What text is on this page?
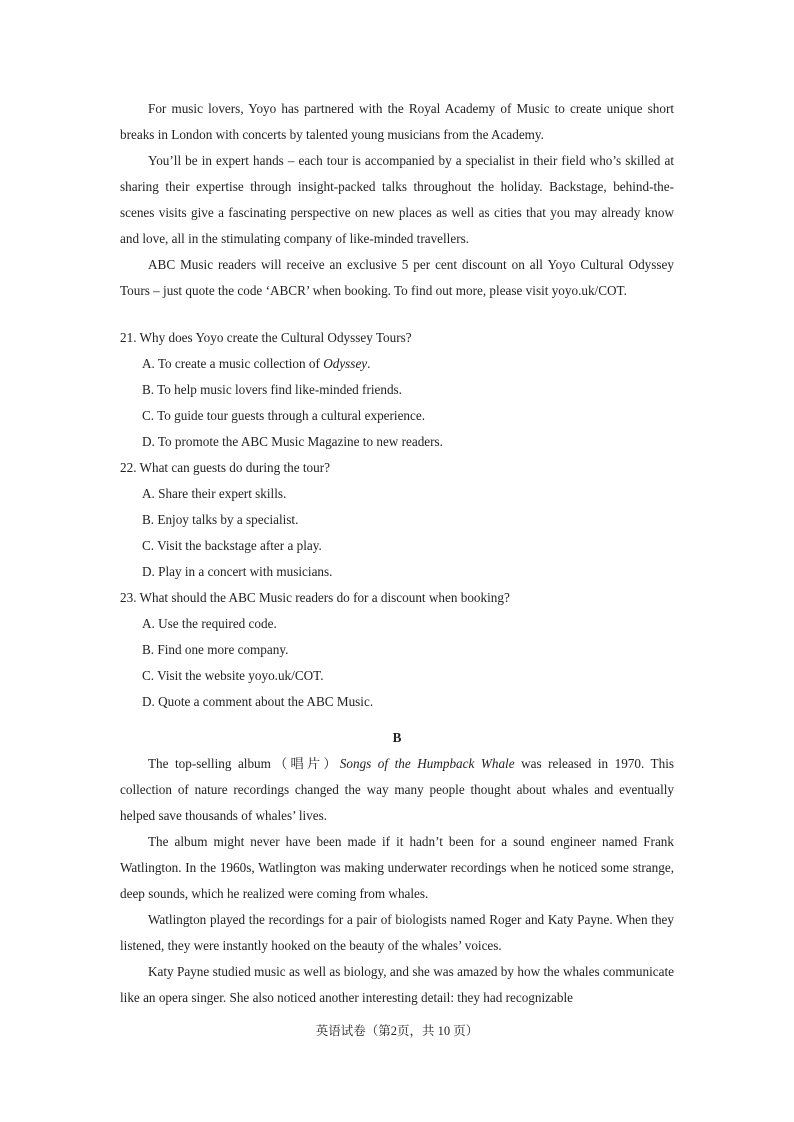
For music lovers, Yoyo has partnered with the Royal Academy of Music to create unique short breaks in London with concerts by talented young musicians from the Academy.

You’ll be in expert hands – each tour is accompanied by a specialist in their field who’s skilled at sharing their expertise through insight-packed talks throughout the holiday. Backstage, behind-the-scenes visits give a fascinating perspective on new places as well as cities that you may already know and love, all in the stimulating company of like-minded travellers.

ABC Music readers will receive an exclusive 5 per cent discount on all Yoyo Cultural Odyssey Tours – just quote the code ‘ABCR’ when booking. To find out more, please visit yoyo.uk/COT.

21. Why does Yoyo create the Cultural Odyssey Tours?

A. To create a music collection of Odyssey.

B. To help music lovers find like-minded friends.

C. To guide tour guests through a cultural experience.

D. To promote the ABC Music Magazine to new readers.

22. What can guests do during the tour?

A. Share their expert skills.

B. Enjoy talks by a specialist.

C. Visit the backstage after a play.

D. Play in a concert with musicians.

23. What should the ABC Music readers do for a discount when booking?

A. Use the required code.

B. Find one more company.

C. Visit the website yoyo.uk/COT.

D. Quote a comment about the ABC Music.

B

The top-selling album（唱片）Songs of the Humpback Whale was released in 1970. This collection of nature recordings changed the way many people thought about whales and eventually helped save thousands of whales’ lives.

The album might never have been made if it hadn’t been for a sound engineer named Frank Watlington. In the 1960s, Watlington was making underwater recordings when he noticed some strange, deep sounds, which he realized were coming from whales.

Watlington played the recordings for a pair of biologists named Roger and Katy Payne. When they listened, they were instantly hooked on the beauty of the whales’ voices.

Katy Payne studied music as well as biology, and she was amazed by how the whales communicate like an opera singer. She also noticed another interesting detail: they had recognizable

英语试卷（第2页，共 10 页）
